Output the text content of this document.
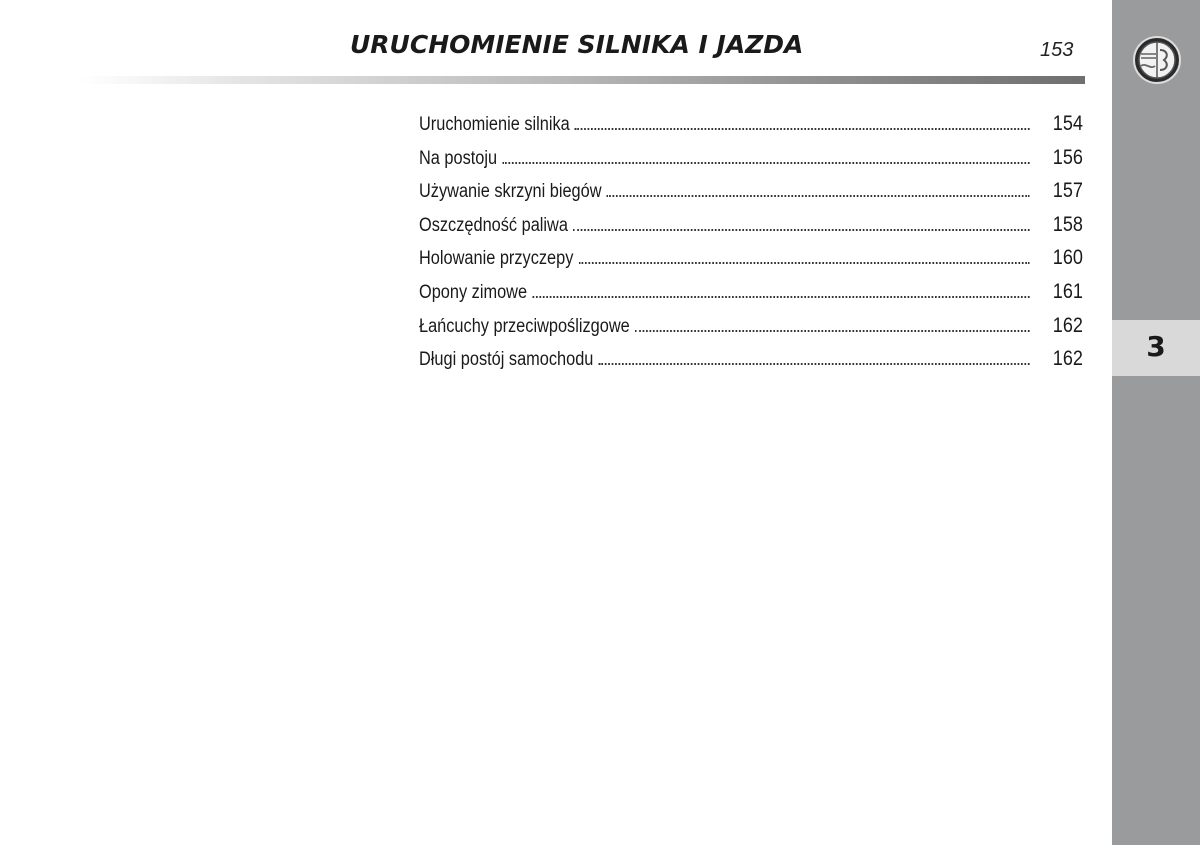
URUCHOMIENIE SILNIKA I JAZDA	153
3
Uruchomienie silnika	154
Na postoju	156
Używanie skrzyni biegów	157
Oszczędność paliwa	158
Holowanie przyczepy	160
Opony zimowe	161
Łańcuchy przeciwpoślizgowe	162
Długi postój samochodu	162
